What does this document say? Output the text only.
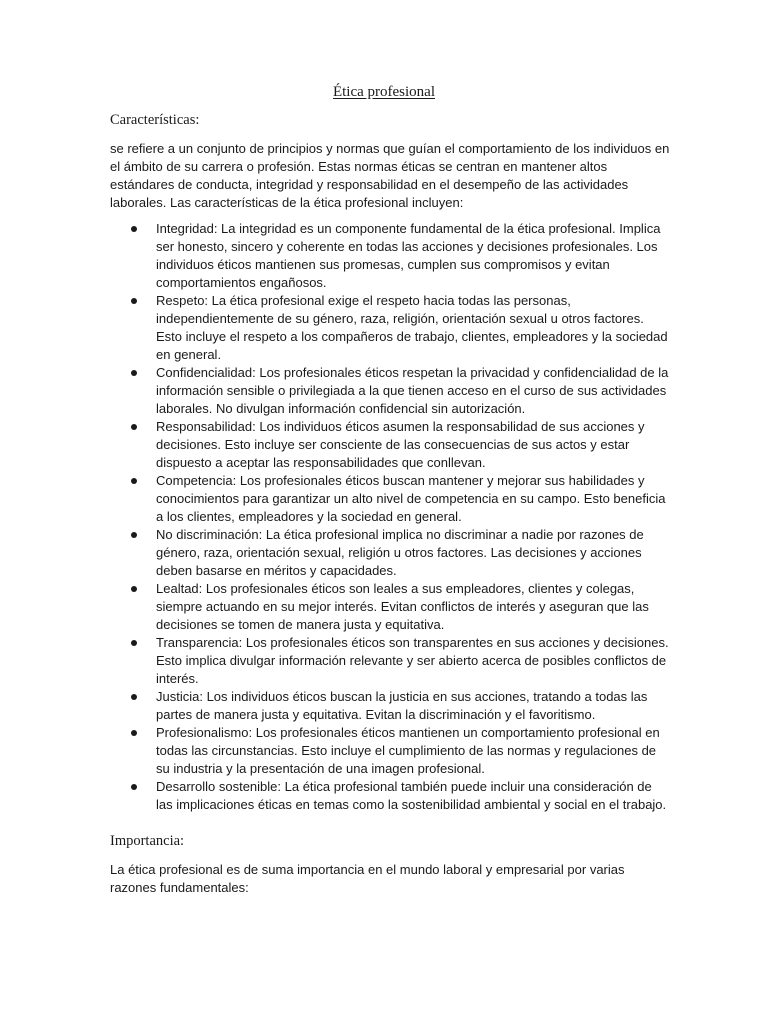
Ética profesional
Características:
se refiere a un conjunto de principios y normas que guían el comportamiento de los individuos en el ámbito de su carrera o profesión. Estas normas éticas se centran en mantener altos estándares de conducta, integridad y responsabilidad en el desempeño de las actividades laborales. Las características de la ética profesional incluyen:
Integridad: La integridad es un componente fundamental de la ética profesional. Implica ser honesto, sincero y coherente en todas las acciones y decisiones profesionales. Los individuos éticos mantienen sus promesas, cumplen sus compromisos y evitan comportamientos engañosos.
Respeto: La ética profesional exige el respeto hacia todas las personas, independientemente de su género, raza, religión, orientación sexual u otros factores. Esto incluye el respeto a los compañeros de trabajo, clientes, empleadores y la sociedad en general.
Confidencialidad: Los profesionales éticos respetan la privacidad y confidencialidad de la información sensible o privilegiada a la que tienen acceso en el curso de sus actividades laborales. No divulgan información confidencial sin autorización.
Responsabilidad: Los individuos éticos asumen la responsabilidad de sus acciones y decisiones. Esto incluye ser consciente de las consecuencias de sus actos y estar dispuesto a aceptar las responsabilidades que conllevan.
Competencia: Los profesionales éticos buscan mantener y mejorar sus habilidades y conocimientos para garantizar un alto nivel de competencia en su campo. Esto beneficia a los clientes, empleadores y la sociedad en general.
No discriminación: La ética profesional implica no discriminar a nadie por razones de género, raza, orientación sexual, religión u otros factores. Las decisiones y acciones deben basarse en méritos y capacidades.
Lealtad: Los profesionales éticos son leales a sus empleadores, clientes y colegas, siempre actuando en su mejor interés. Evitan conflictos de interés y aseguran que las decisiones se tomen de manera justa y equitativa.
Transparencia: Los profesionales éticos son transparentes en sus acciones y decisiones. Esto implica divulgar información relevante y ser abierto acerca de posibles conflictos de interés.
Justicia: Los individuos éticos buscan la justicia en sus acciones, tratando a todas las partes de manera justa y equitativa. Evitan la discriminación y el favoritismo.
Profesionalismo: Los profesionales éticos mantienen un comportamiento profesional en todas las circunstancias. Esto incluye el cumplimiento de las normas y regulaciones de su industria y la presentación de una imagen profesional.
Desarrollo sostenible: La ética profesional también puede incluir una consideración de las implicaciones éticas en temas como la sostenibilidad ambiental y social en el trabajo.
Importancia:
La ética profesional es de suma importancia en el mundo laboral y empresarial por varias razones fundamentales:
